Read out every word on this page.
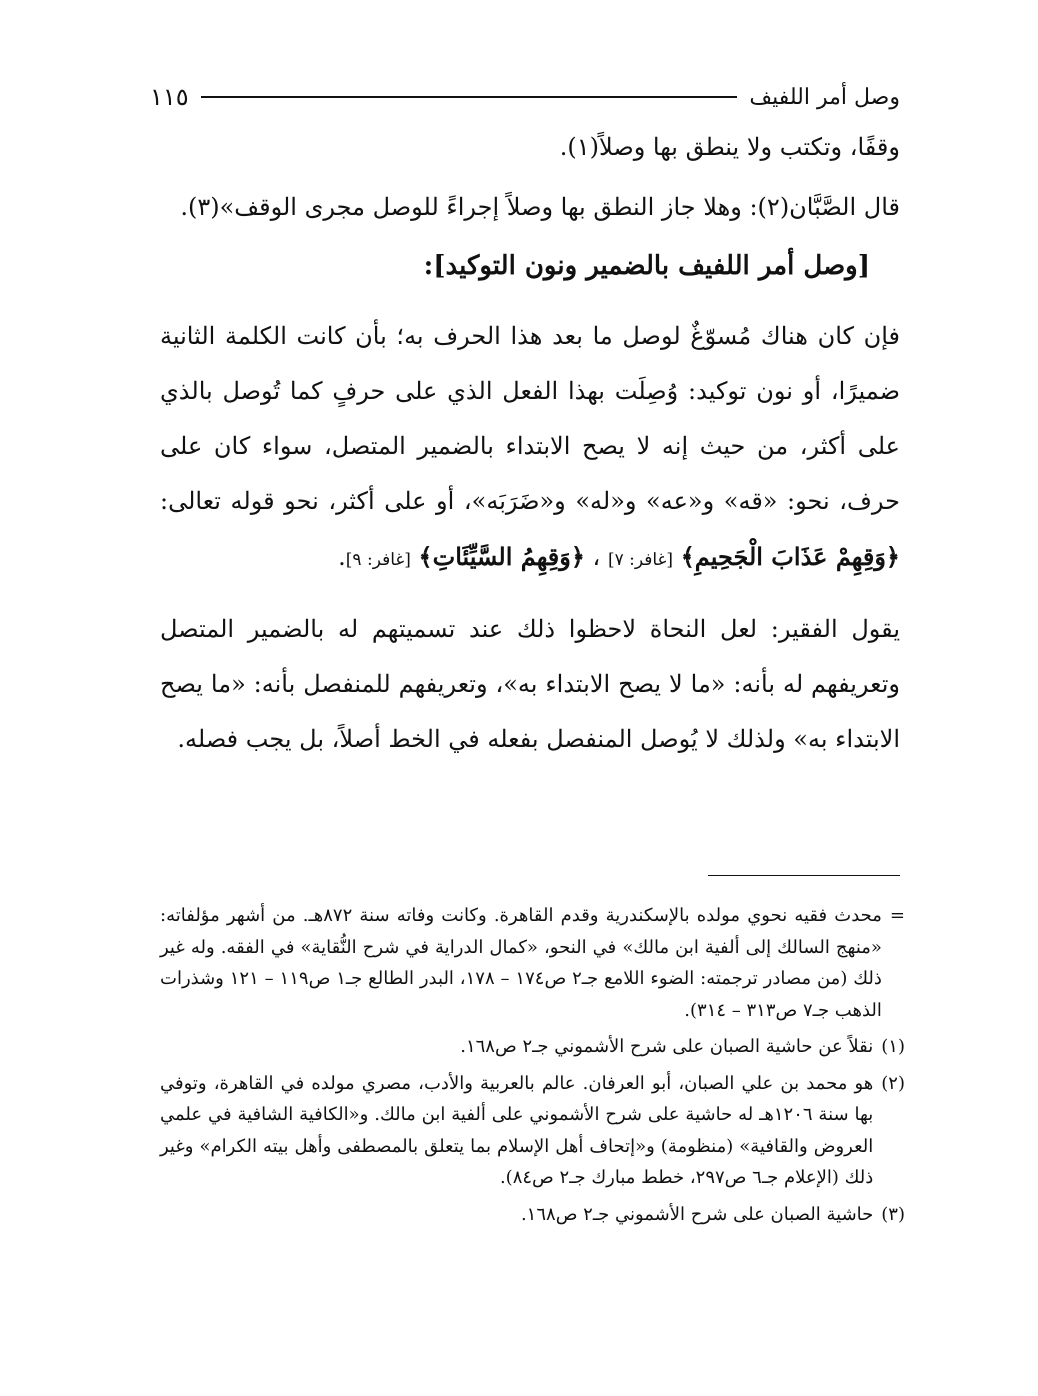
وصل أمر اللفيف
١١٥

وقفًا، وتكتب ولا ينطق بها وصلاً(١).

قال الصَّبَّان(٢): وهلا جاز النطق بها وصلاً إجراءً للوصل مجرى الوقف»(٣).

[وصل أمر اللفيف بالضمير ونون التوكيد]:

فإن كان هناك مُسوّغٌ لوصل ما بعد هذا الحرف به؛ بأن كانت الكلمة الثانية ضميرًا، أو نون توكيد: وُصِلَت بهذا الفعل الذي على حرفٍ كما تُوصل بالذي على أكثر، من حيث إنه لا يصح الابتداء بالضمير المتصل، سواء كان على حرف، نحو: «قه» و«عه» و«له» و«ضَرَبَه»، أو على أكثر، نحو قوله تعالى: ﴿وَقِهِمْ عَذَابَ الْجَحِيمِ﴾ [غافر: ٧] ، ﴿وَقِهِمُ السَّيِّئَاتِ﴾ [غافر: ٩].

يقول الفقير: لعل النحاة لاحظوا ذلك عند تسميتهم له بالضمير المتصل وتعريفهم له بأنه: «ما لا يصح الابتداء به»، وتعريفهم للمنفصل بأنه: «ما يصح الابتداء به» ولذلك لا يُوصل المنفصل بفعله في الخط أصلاً، بل يجب فصله.

=
محدث فقيه نحوي مولده بالإسكندرية وقدم القاهرة. وكانت وفاته سنة ٨٧٢هـ. من أشهر مؤلفاته: «منهج السالك إلى ألفية ابن مالك» في النحو، «كمال الدراية في شرح النُّقاية» في الفقه. وله غير ذلك (من مصادر ترجمته: الضوء اللامع جـ٢ ص١٧٤ – ١٧٨، البدر الطالع جـ١ ص١١٩ – ١٢١ وشذرات الذهب جـ٧ ص٣١٣ – ٣١٤).
(١)
نقلاً عن حاشية الصبان على شرح الأشموني جـ٢ ص١٦٨.
(٢)
هو محمد بن علي الصبان، أبو العرفان. عالم بالعربية والأدب، مصري مولده في القاهرة، وتوفي بها سنة ١٢٠٦هـ له حاشية على شرح الأشموني على ألفية ابن مالك. و«الكافية الشافية في علمي العروض والقافية» (منظومة) و«إتحاف أهل الإسلام بما يتعلق بالمصطفى وأهل بيته الكرام» وغير ذلك (الإعلام جـ٦ ص٢٩٧، خطط مبارك جـ٢ ص٨٤).
(٣)
حاشية الصبان على شرح الأشموني جـ٢ ص١٦٨.
